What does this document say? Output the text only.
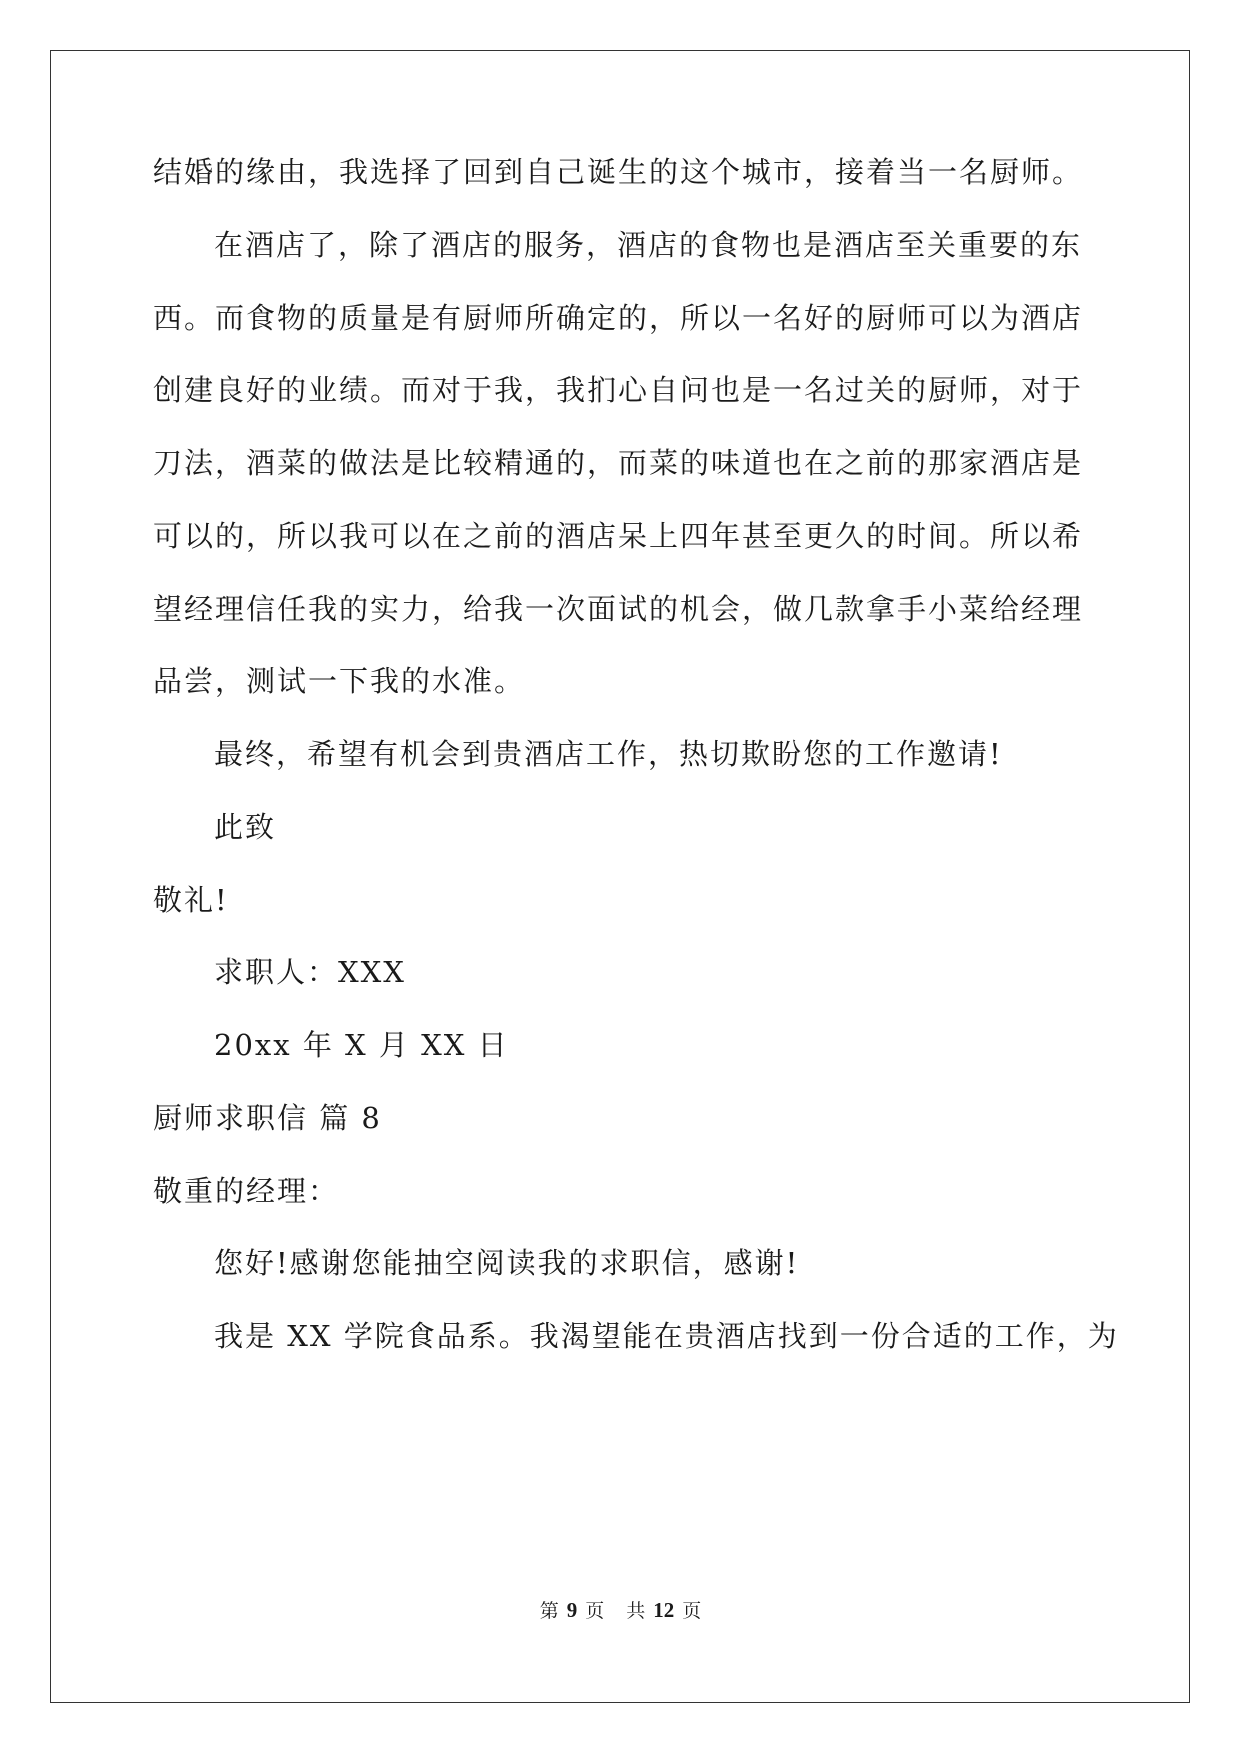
结婚的缘由，我选择了回到自己诞生的这个城市，接着当一名厨师。
在酒店了，除了酒店的服务，酒店的食物也是酒店至关重要的东
西。而食物的质量是有厨师所确定的，所以一名好的厨师可以为酒店
创建良好的业绩。而对于我，我扪心自问也是一名过关的厨师，对于
刀法，酒菜的做法是比较精通的，而菜的味道也在之前的那家酒店是
可以的，所以我可以在之前的酒店呆上四年甚至更久的时间。所以希
望经理信任我的实力，给我一次面试的机会，做几款拿手小菜给经理
品尝，测试一下我的水准。
最终，希望有机会到贵酒店工作，热切欺盼您的工作邀请!
此致
敬礼!
求职人：XXX
20xx 年 X 月 XX 日
厨师求职信 篇 8
敬重的经理：
您好!感谢您能抽空阅读我的求职信，感谢!
我是 XX 学院食品系。我渴望能在贵酒店找到一份合适的工作，为
第 9 页 共 12 页
